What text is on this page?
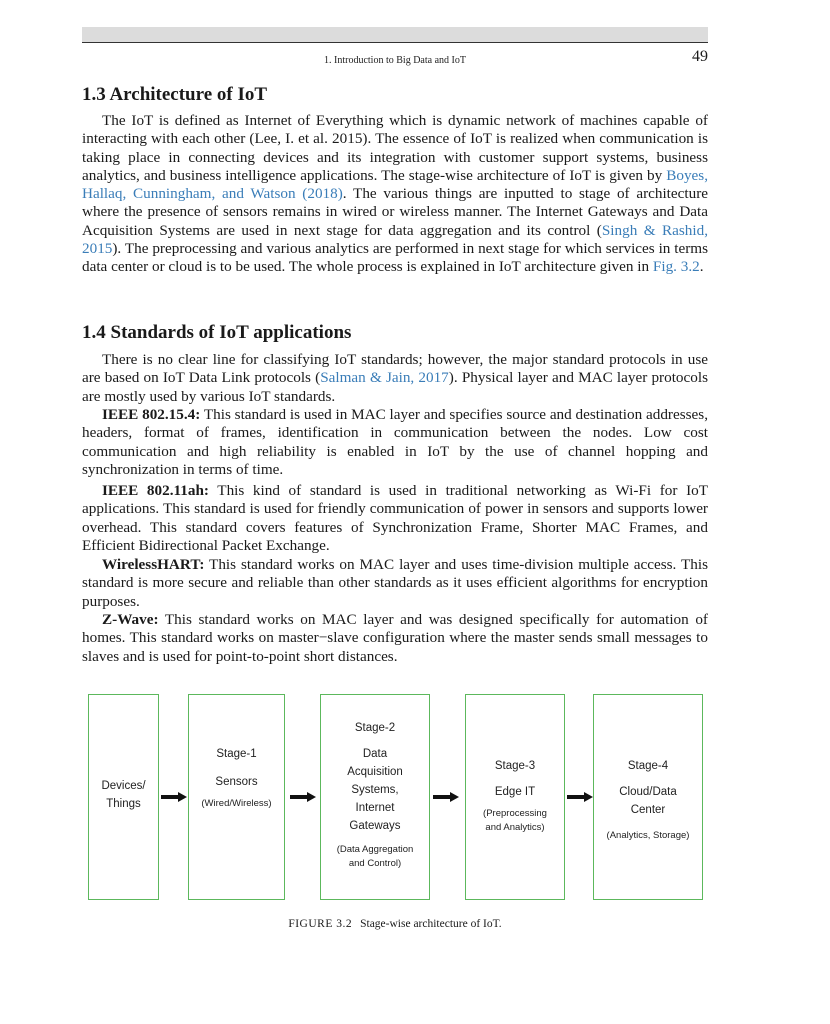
1. Introduction to Big Data and IoT	49
1.3 Architecture of IoT

The IoT is defined as Internet of Everything which is dynamic network of machines capable of interacting with each other (Lee, I. et al. 2015). The essence of IoT is realized when communication is taking place in connecting devices and its integration with customer support systems, business analytics, and business intelligence applications. The stage-wise architecture of IoT is given by Boyes, Hallaq, Cunningham, and Watson (2018). The various things are inputted to stage of architecture where the presence of sensors remains in wired or wireless manner. The Internet Gateways and Data Acquisition Systems are used in next stage for data aggregation and its control (Singh & Rashid, 2015). The preprocessing and various analytics are performed in next stage for which services in terms data center or cloud is to be used. The whole process is explained in IoT architecture given in Fig. 3.2.

1.4 Standards of IoT applications

There is no clear line for classifying IoT standards; however, the major standard protocols in use are based on IoT Data Link protocols (Salman & Jain, 2017). Physical layer and MAC layer protocols are mostly used by various IoT standards.

IEEE 802.15.4: This standard is used in MAC layer and specifies source and destination addresses, headers, format of frames, identification in communication between the nodes. Low cost communication and high reliability is enabled in IoT by the use of channel hopping and synchronization in terms of time.

IEEE 802.11ah: This kind of standard is used in traditional networking as Wi-Fi for IoT applications. This standard is used for friendly communication of power in sensors and supports lower overhead. This standard covers features of Synchronization Frame, Shorter MAC Frames, and Efficient Bidirectional Packet Exchange.

WirelessHART: This standard works on MAC layer and uses time-division multiple access. This standard is more secure and reliable than other standards as it uses efficient algorithms for encryption purposes.

Z-Wave: This standard works on MAC layer and was designed specifically for automation of homes. This standard works on master−slave configuration where the master sends small messages to slaves and is used for point-to-point short distances.

Devices/
Things
Stage-1
Sensors
(Wired/Wireless)
Stage-2
Data
Acquisition
Systems,
Internet
Gateways
(Data Aggregation
and Control)
Stage-3
Edge IT
(Preprocessing
and Analytics)
Stage-4
Cloud/Data
Center
(Analytics, Storage)
FIGURE 3.2 Stage-wise architecture of IoT.
